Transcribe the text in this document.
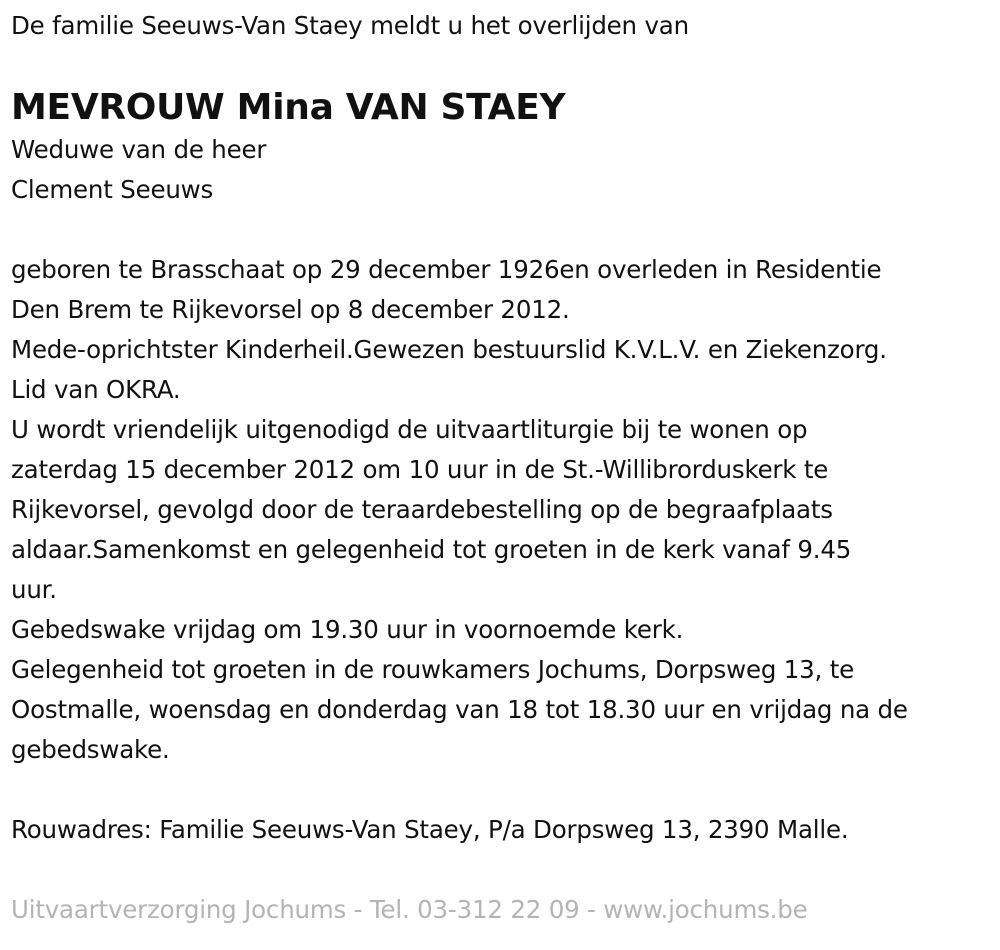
De familie Seeuws-Van Staey meldt u het overlijden van
MEVROUW Mina VAN STAEY
Weduwe van de heer
Clement Seeuws
geboren te Brasschaat op 29 december 1926en overleden in Residentie
Den Brem te Rijkevorsel op 8 december 2012.
Mede-oprichtster Kinderheil.Gewezen bestuurslid K.V.L.V. en Ziekenzorg.
Lid van OKRA.
U wordt vriendelijk uitgenodigd de uitvaartliturgie bij te wonen op
zaterdag 15 december 2012 om 10 uur in de St.-Willibrorduskerk te
Rijkevorsel, gevolgd door de teraardebestelling op de begraafplaats
aldaar.Samenkomst en gelegenheid tot groeten in de kerk vanaf 9.45
uur.
Gebedswake vrijdag om 19.30 uur in voornoemde kerk.
Gelegenheid tot groeten in de rouwkamers Jochums, Dorpsweg 13, te
Oostmalle, woensdag en donderdag van 18 tot 18.30 uur en vrijdag na de
gebedswake.
Rouwadres: Familie Seeuws-Van Staey, P/a Dorpsweg 13, 2390 Malle.
Uitvaartverzorging Jochums - Tel. 03-312 22 09 - www.jochums.be
